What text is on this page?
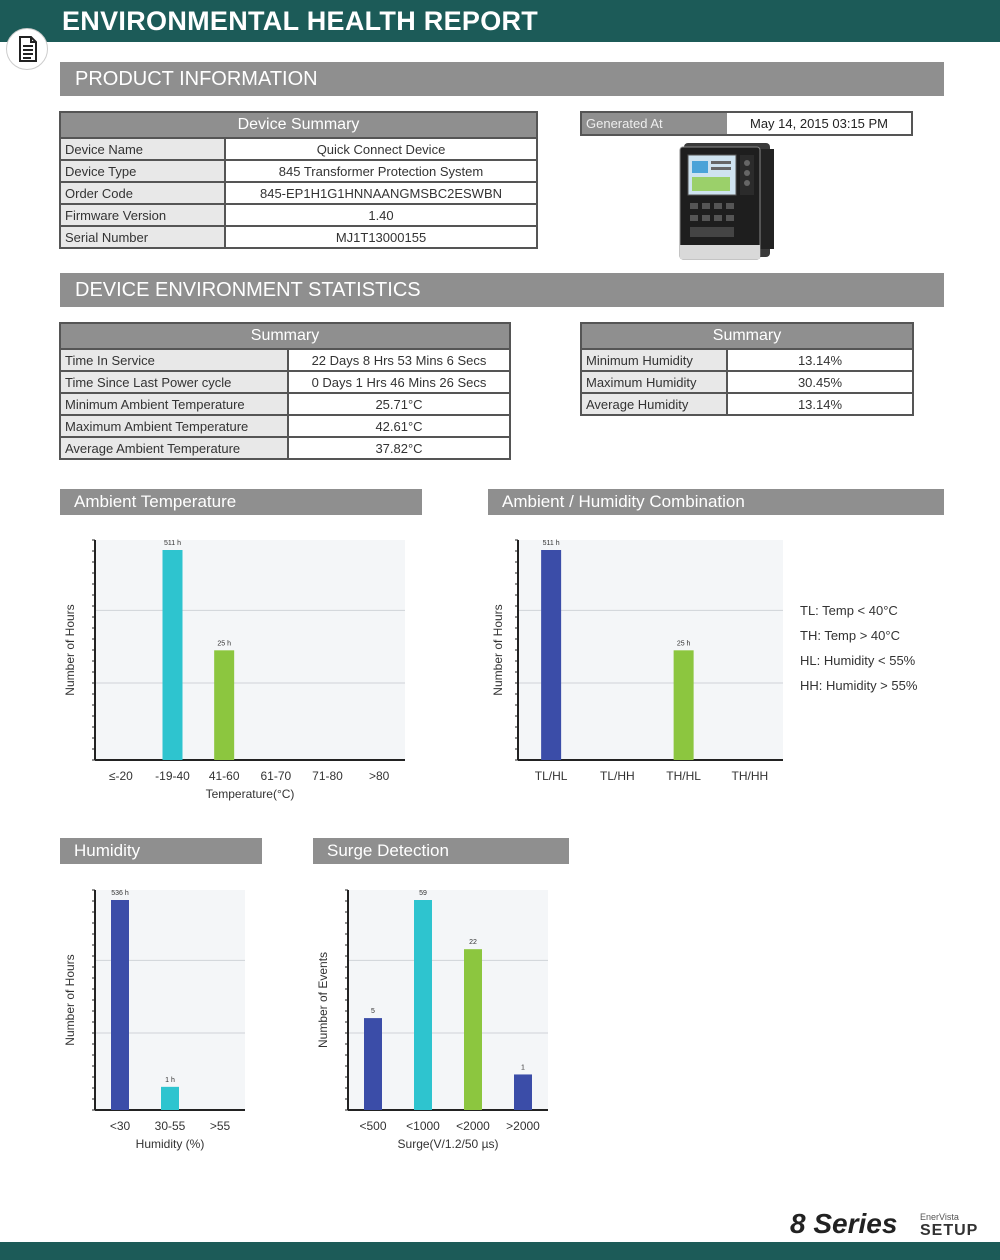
ENVIRONMENTAL HEALTH REPORT
PRODUCT INFORMATION
Device Summary	
Device Name	Quick Connect Device
Device Type	845 Transformer Protection System
Order Code	845-EP1H1G1HNNAANGMSBC2ESWBN
Firmware Version	1.40
Serial Number	MJ1T13000155
Generated At	May 14, 2015 03:15 PM
DEVICE ENVIRONMENT STATISTICS
Summary	
Time In Service	22 Days 8 Hrs 53 Mins 6 Secs
Time Since Last Power cycle	0 Days 1 Hrs 46 Mins 26 Secs
Minimum Ambient Temperature	25.71°C
Maximum Ambient Temperature	42.61°C
Average Ambient Temperature	37.82°C
Summary	
Minimum Humidity	13.14%
Maximum Humidity	30.45%
Average Humidity	13.14%
Ambient Temperature	Ambient / Humidity Combination
Humidity	Surge Detection
Number of Hours
≤-20
511 h
-19-40
25 h
41-60 61-70 71-80 >80
Temperature(°C)
Number of Hours
511 h
TL/HL	TL/HH
25 h
TH/HL	TH/HH
Number of Hours
536 h
<30
1 h
30-55 >55
Humidity (%)
Number of Events	5
<500
59
<1000
22
<2000
1
>2000
Surge(V/1.2/50 µs)
TL: Temp < 40°C
TH: Temp > 40°C
HL: Humidity < 55%
HH: Humidity > 55%
8 Series	EnerVista
SETUP
